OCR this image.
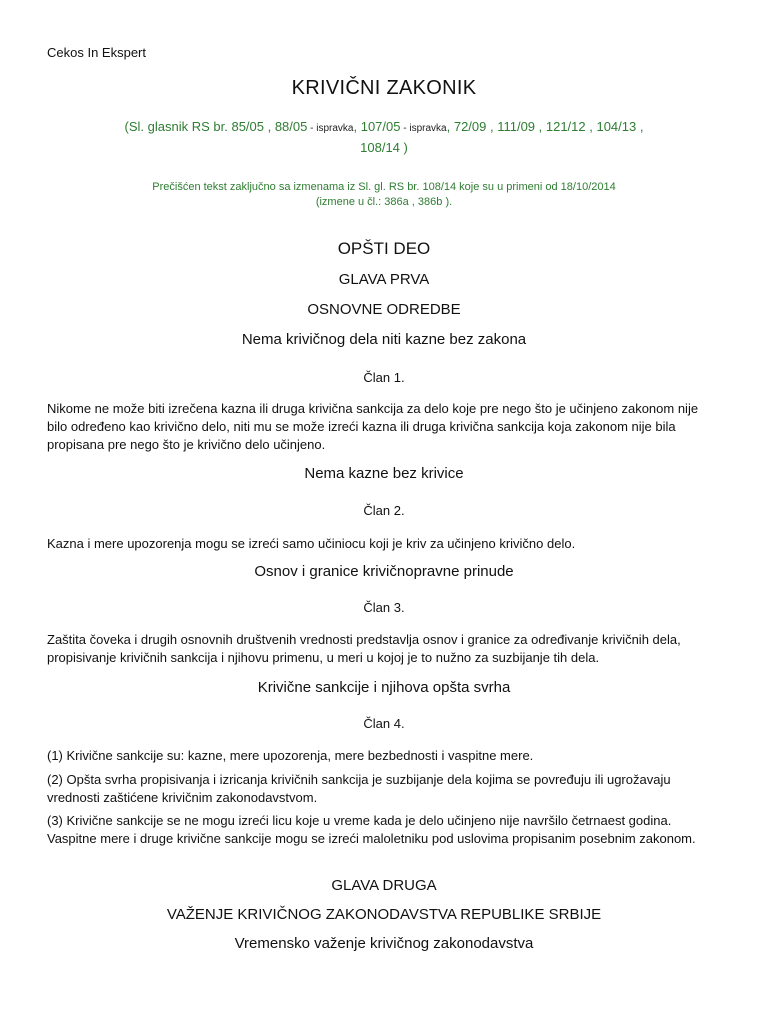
Cekos In Ekspert
KRIVIČNI ZAKONIK
(Sl. glasnik RS br. 85/05 , 88/05 - ispravka, 107/05 - ispravka, 72/09 , 111/09 , 121/12 , 104/13 ,
108/14 )
Prečišćen tekst zaključno sa izmenama iz Sl. gl. RS br. 108/14 koje su u primeni od 18/10/2014
(izmene u čl.: 386a , 386b ).
OPŠTI DEO
GLAVA PRVA
OSNOVNE ODREDBE
Nema krivičnog dela niti kazne bez zakona
Član 1.
Nikome ne može biti izrečena kazna ili druga krivična sankcija za delo koje pre nego što je učinjeno zakonom nije bilo određeno kao krivično delo, niti mu se može izreći kazna ili druga krivična sankcija koja zakonom nije bila propisana pre nego što je krivično delo učinjeno.
Nema kazne bez krivice
Član 2.
Kazna i mere upozorenja mogu se izreći samo učiniocu koji je kriv za učinjeno krivično delo.
Osnov i granice krivičnopravne prinude
Član 3.
Zaštita čoveka i drugih osnovnih društvenih vrednosti predstavlja osnov i granice za određivanje krivičnih dela, propisivanje krivičnih sankcija i njihovu primenu, u meri u kojoj je to nužno za suzbijanje tih dela.
Krivične sankcije i njihova opšta svrha
Član 4.
(1) Krivične sankcije su: kazne, mere upozorenja, mere bezbednosti i vaspitne mere.
(2) Opšta svrha propisivanja i izricanja krivičnih sankcija je suzbijanje dela kojima se povređuju ili ugrožavaju vrednosti zaštićene krivičnim zakonodavstvom.
(3) Krivične sankcije se ne mogu izreći licu koje u vreme kada je delo učinjeno nije navršilo četrnaest godina. Vaspitne mere i druge krivične sankcije mogu se izreći maloletniku pod uslovima propisanim posebnim zakonom.
GLAVA DRUGA
VAŽENJE KRIVIČNOG ZAKONODAVSTVA REPUBLIKE SRBIJE
Vremensko važenje krivičnog zakonodavstva
